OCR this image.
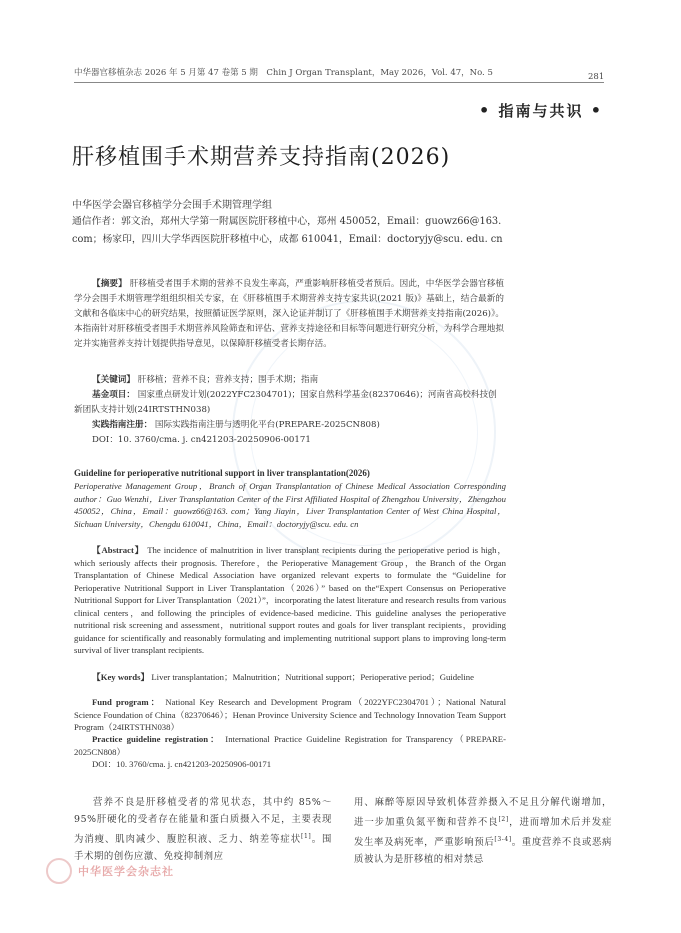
中华器官移植杂志 2026 年 5 月第 47 卷第 5 期　Chin J Organ Transplant，May 2026，Vol. 47，No. 5	281
• 指南与共识 •
肝移植围手术期营养支持指南(2026)
中华医学会器官移植学分会围手术期管理学组
通信作者：郭文治，郑州大学第一附属医院肝移植中心，郑州 450052，Email：guowz66@163. com；杨家印，四川大学华西医院肝移植中心，成都 610041，Email：doctoryjy@scu. edu. cn
【摘要】 肝移植受者围手术期的营养不良发生率高，严重影响肝移植受者预后。因此，中华医学会器官移植学分会围手术期管理学组组织相关专家，在《肝移植围手术期营养支持专家共识(2021 版)》基础上，结合最新的文献和各临床中心的研究结果，按照循证医学原则，深入论证并制订了《肝移植围手术期营养支持指南(2026)》。本指南针对肝移植受者围手术期营养风险筛查和评估、营养支持途径和目标等问题进行研究分析，为科学合理地拟定并实施营养支持计划提供指导意见，以保障肝移植受者长期存活。
【关键词】 肝移植；营养不良；营养支持；围手术期；指南
基金项目： 国家重点研发计划(2022YFC2304701)；国家自然科学基金(82370646)；河南省高校科技创新团队支持计划(24IRTSTHN038)
实践指南注册： 国际实践指南注册与透明化平台(PREPARE-2025CN808)
DOI：10. 3760/cma. j. cn421203-20250906-00171
Guideline for perioperative nutritional support in liver transplantation(2026)
Perioperative Management Group，Branch of Organ Transplantation of Chinese Medical Association Corresponding author：Guo Wenzhi，Liver Transplantation Center of the First Affiliated Hospital of Zhengzhou University，Zhengzhou 450052，China，Email：guowz66@163. com；Yang Jiayin，Liver Transplantation Center of West China Hospital，Sichuan University，Chengdu 610041，China，Email：doctoryjy@scu. edu. cn
【Abstract】 The incidence of malnutrition in liver transplant recipients during the perioperative period is high，which seriously affects their prognosis. Therefore，the Perioperative Management Group，the Branch of the Organ Transplantation of Chinese Medical Association have organized relevant experts to formulate the “Guideline for Perioperative Nutritional Support in Liver Transplantation（2026）” based on the“Expert Consensus on Perioperative Nutritional Support for Liver Transplantation（2021）”，incorporating the latest literature and research results from various clinical centers，and following the principles of evidence-based medicine. This guideline analyses the perioperative nutritional risk screening and assessment，nutritional support routes and goals for liver transplant recipients，providing guidance for scientifically and reasonably formulating and implementing nutritional support plans to improving long-term survival of liver transplant recipients.
【Key words】 Liver transplantation；Malnutrition；Nutritional support；Perioperative period；Guideline
Fund program： National Key Research and Development Program（2022YFC2304701）；National Natural Science Foundation of China（82370646）；Henan Province University Science and Technology Innovation Team Support Program（24IRTSTHN038）
Practice guideline registration： International Practice Guideline Registration for Transparency（PREPARE-2025CN808）
DOI：10. 3760/cma. j. cn421203-20250906-00171
营养不良是肝移植受者的常见状态，其中约 85%～95%肝硬化的受者存在能量和蛋白质摄入不足，主要表现为消瘦、肌肉减少、腹腔积液、乏力、纳差等症状[1]。围手术期的创伤应激、免疫抑制剂应
用、麻醉等原因导致机体营养摄入不足且分解代谢增加，进一步加重负氮平衡和营养不良[2]，进而增加术后并发症发生率及病死率，严重影响预后[3-4]。重度营养不良或恶病质被认为是肝移植的相对禁忌
中华医学会杂志社
